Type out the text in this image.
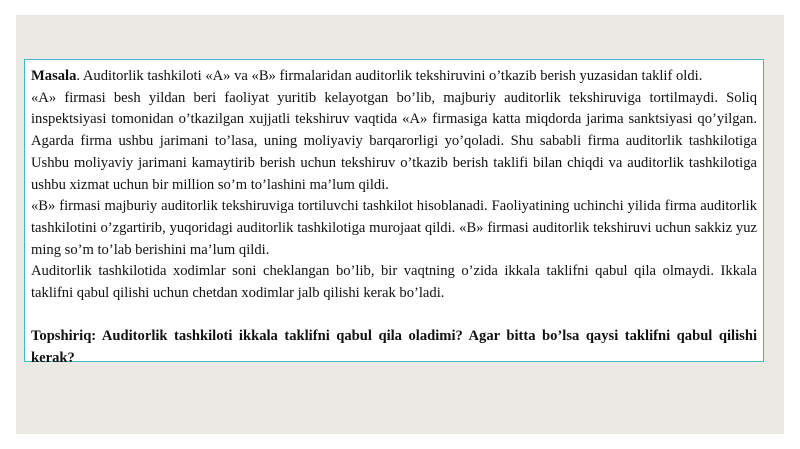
Masala. Auditorlik tashkiloti «A» va «B» firmalaridan auditorlik tekshiruvini o’tkazib berish yuzasidan taklif oldi.

«A» firmasi besh yildan beri faoliyat yuritib kelayotgan bo’lib, majburiy auditorlik tekshiruviga tortilmaydi. Soliq inspektsiyasi tomonidan o’tkazilgan xujjatli tekshiruv vaqtida «A» firmasiga katta miqdorda jarima sanktsiyasi qo’yilgan. Agarda firma ushbu jarimani to’lasa, uning moliyaviy barqarorligi yo’qoladi. Shu sababli firma auditorlik tashkilotiga Ushbu moliyaviy jarimani kamaytirib berish uchun tekshiruv o’tkazib berish taklifi bilan chiqdi va auditorlik tashkilotiga ushbu xizmat uchun bir million so’m to’lashini ma’lum qildi.

«B» firmasi majburiy auditorlik tekshiruviga tortiluvchi tashkilot hisoblanadi. Faoliyatining uchinchi yilida firma auditorlik tashkilotini o’zgartirib, yuqoridagi auditorlik tashkilotiga murojaat qildi. «B» firmasi auditorlik tekshiruvi uchun sakkiz yuz ming so’m to’lab berishini ma’lum qildi.

Auditorlik tashkilotida xodimlar soni cheklangan bo’lib, bir vaqtning o’zida ikkala taklifni qabul qila olmaydi. Ikkala taklifni qabul qilishi uchun chetdan xodimlar jalb qilishi kerak bo’ladi.

Topshiriq: Auditorlik tashkiloti ikkala taklifni qabul qila oladimi? Agar bitta bo’lsa qaysi taklifni qabul qilishi kerak?
